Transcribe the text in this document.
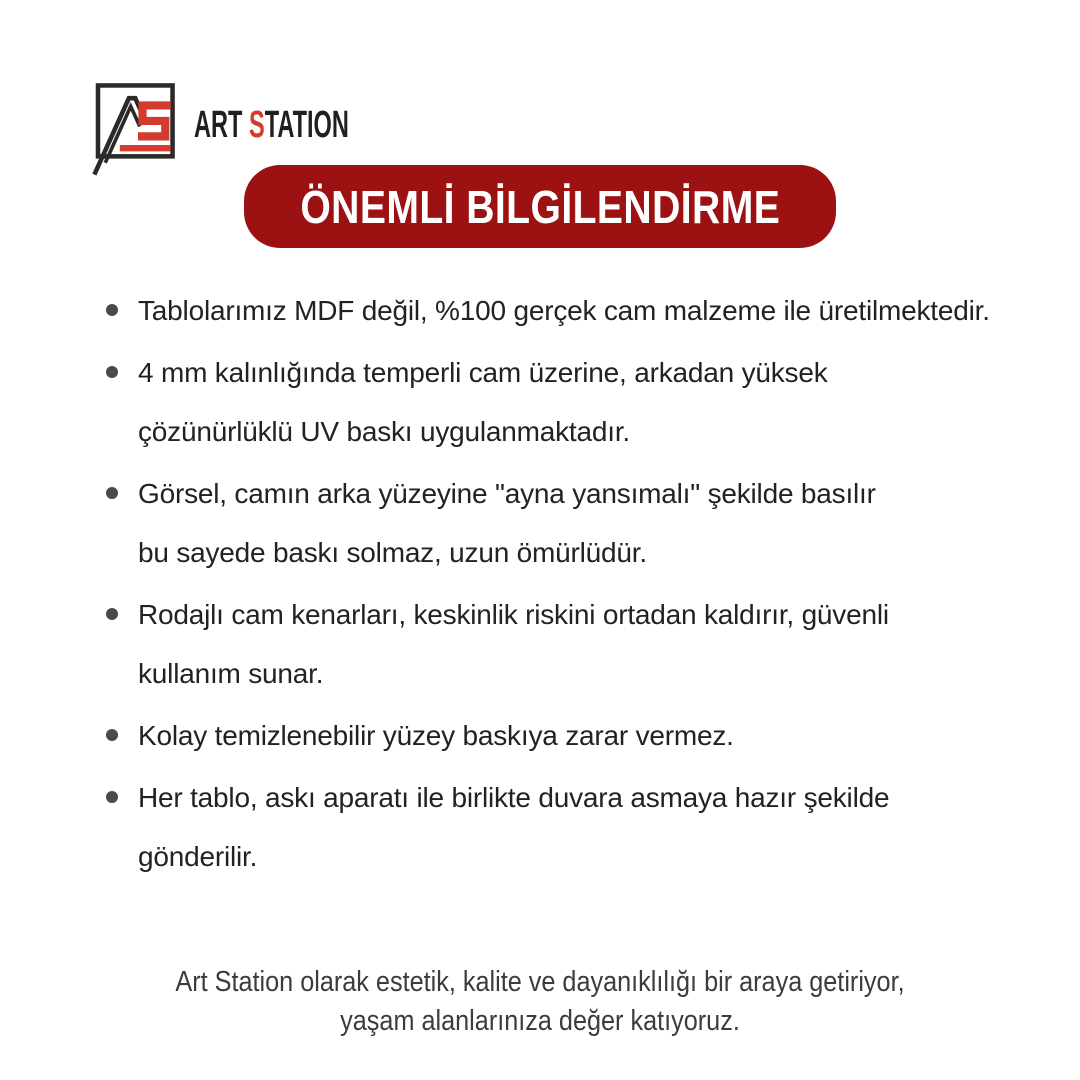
ART STATION
ÖNEMLİ BİLGİLENDİRME
Tablolarımız MDF değil, %100 gerçek cam malzeme ile üretilmektedir.
4 mm kalınlığında temperli cam üzerine, arkadan yüksek
çözünürlüklü UV baskı uygulanmaktadır.
Görsel, camın arka yüzeyine "ayna yansımalı" şekilde basılır
bu sayede baskı solmaz, uzun ömürlüdür.
Rodajlı cam kenarları, keskinlik riskini ortadan kaldırır, güvenli
kullanım sunar.
Kolay temizlenebilir yüzey baskıya zarar vermez.
Her tablo, askı aparatı ile birlikte duvara asmaya hazır şekilde
gönderilir.
Art Station olarak estetik, kalite ve dayanıklılığı bir araya getiriyor,
yaşam alanlarınıza değer katıyoruz.
